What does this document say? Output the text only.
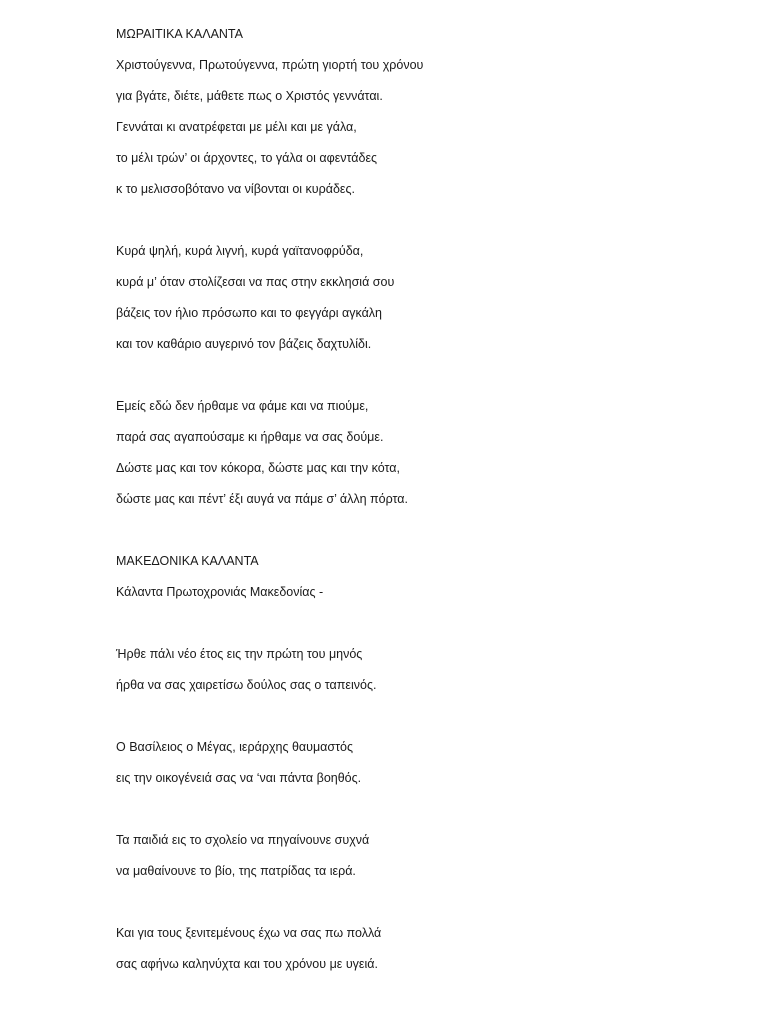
ΜΩΡΑΙΤΙΚΑ ΚΑΛΑΝΤΑ
Χριστούγεννα, Πρωτούγεννα, πρώτη γιορτή του χρόνου
για βγάτε, διέτε, μάθετε πως ο Χριστός γεννάται.
Γεννάται κι ανατρέφεται με μέλι και με γάλα,
το μέλι τρών’ οι άρχοντες, το γάλα οι αφεντάδες
κ το μελισσοβότανο να νίβονται οι κυράδες.
Κυρά ψηλή, κυρά λιγνή, κυρά γαϊτανοφρύδα,
κυρά μ’ όταν στολίζεσαι να πας στην εκκλησιά σου
βάζεις τον ήλιο πρόσωπο και το φεγγάρι αγκάλη
και τον καθάριο αυγερινό τον βάζεις δαχτυλίδι.
Εμείς εδώ δεν ήρθαμε να φάμε και να πιούμε,
παρά σας αγαπούσαμε κι ήρθαμε να σας δούμε.
Δώστε μας και τον κόκορα, δώστε μας και την κότα,
δώστε μας και πέντ’ έξι αυγά να πάμε σ’ άλλη πόρτα.
ΜΑΚΕΔΟΝΙΚΑ ΚΑΛΑΝΤΑ
Κάλαντα Πρωτοχρονιάς Μακεδονίας -
Ήρθε πάλι νέο έτος εις την πρώτη του μηνός
ήρθα να σας χαιρετίσω δούλος σας ο ταπεινός.
Ο Βασίλειος ο Μέγας, ιεράρχης θαυμαστός
εις την οικογένειά σας να ‘ναι πάντα βοηθός.
Τα παιδιά εις το σχολείο να πηγαίνουνε συχνά
να μαθαίνουνε το βίο, της πατρίδας τα ιερά.
Και για τους ξενιτεμένους έχω να σας πω πολλά
σας αφήνω καληνύχτα και του χρόνου με υγειά.
